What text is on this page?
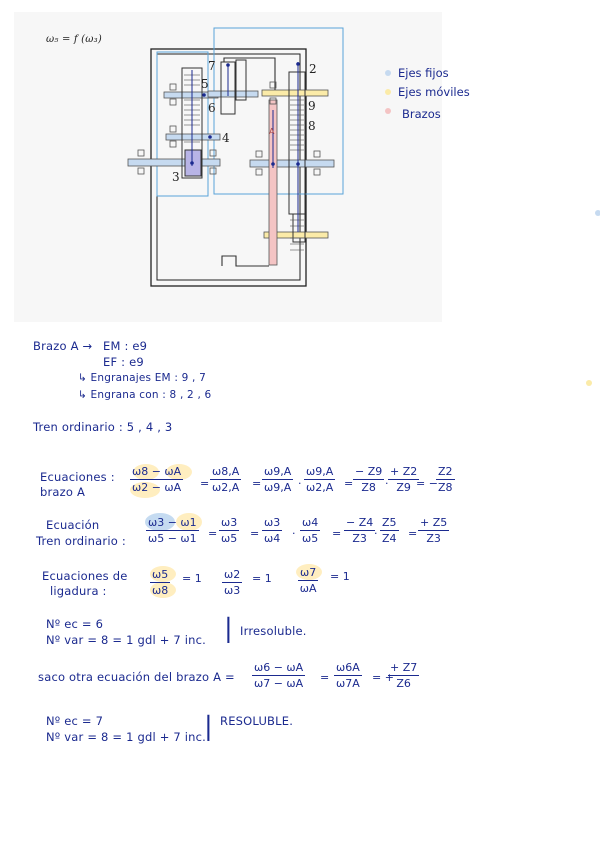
ω₅ = f (ω₃)
7
5
6
4
3
2
9
8
A
Ejes fijos
Ejes móviles
Brazos
Brazo A → EM : e9
EF : e9
↳ Engranajes EM : 9 , 7
↳ Engrana con : 8 , 2 , 6
Tren ordinario : 5 , 4 , 3
Ecuaciones :
brazo A	$\frac{\omega 8 - \omega A}{\omega 2 - \omega A} = \frac{\omega 8,A}{\omega 2,A} = \frac{\omega 9,A}{\omega 9,A} \cdot \frac{\omega 9,A}{\omega 2,A} = \frac{- Z9}{Z8} \cdot \frac{+ Z2}{Z9}$
= −
$\frac{Z2}{Z8}$
Ecuación
Tren ordinario : $\frac{\omega 3 - \omega 1}{\omega 5 - \omega 1} = \frac{\omega 3}{\omega 5} = \frac{\omega 3}{\omega 4} \cdot \frac{\omega 4}{\omega 5} = \frac{- Z4}{Z3}$
· $\frac{Z5}{Z4} = \frac{+ Z5}{Z3}$
Ecuaciones de
ligadura :	$\frac{\omega 5}{\omega 8} = 1 \frac{\omega 2}{\omega 3} = 1 \frac{\omega 7}{\omega A} = 1$
Nº ec = 6
Nº var = 8 = 1 gdl + 7 inc. | Irresoluble.
saco otra ecuación del brazo $A = \frac{\omega 6 - \omega A}{\omega 7 - \omega A} = \frac{\omega 6A}{\omega 7A}$ = +
$\frac{+ Z7}{Z6}$
Nº ec = 7
Nº var = 8 = 1 gdl + 7 inc.
| RESOLUBLE.
